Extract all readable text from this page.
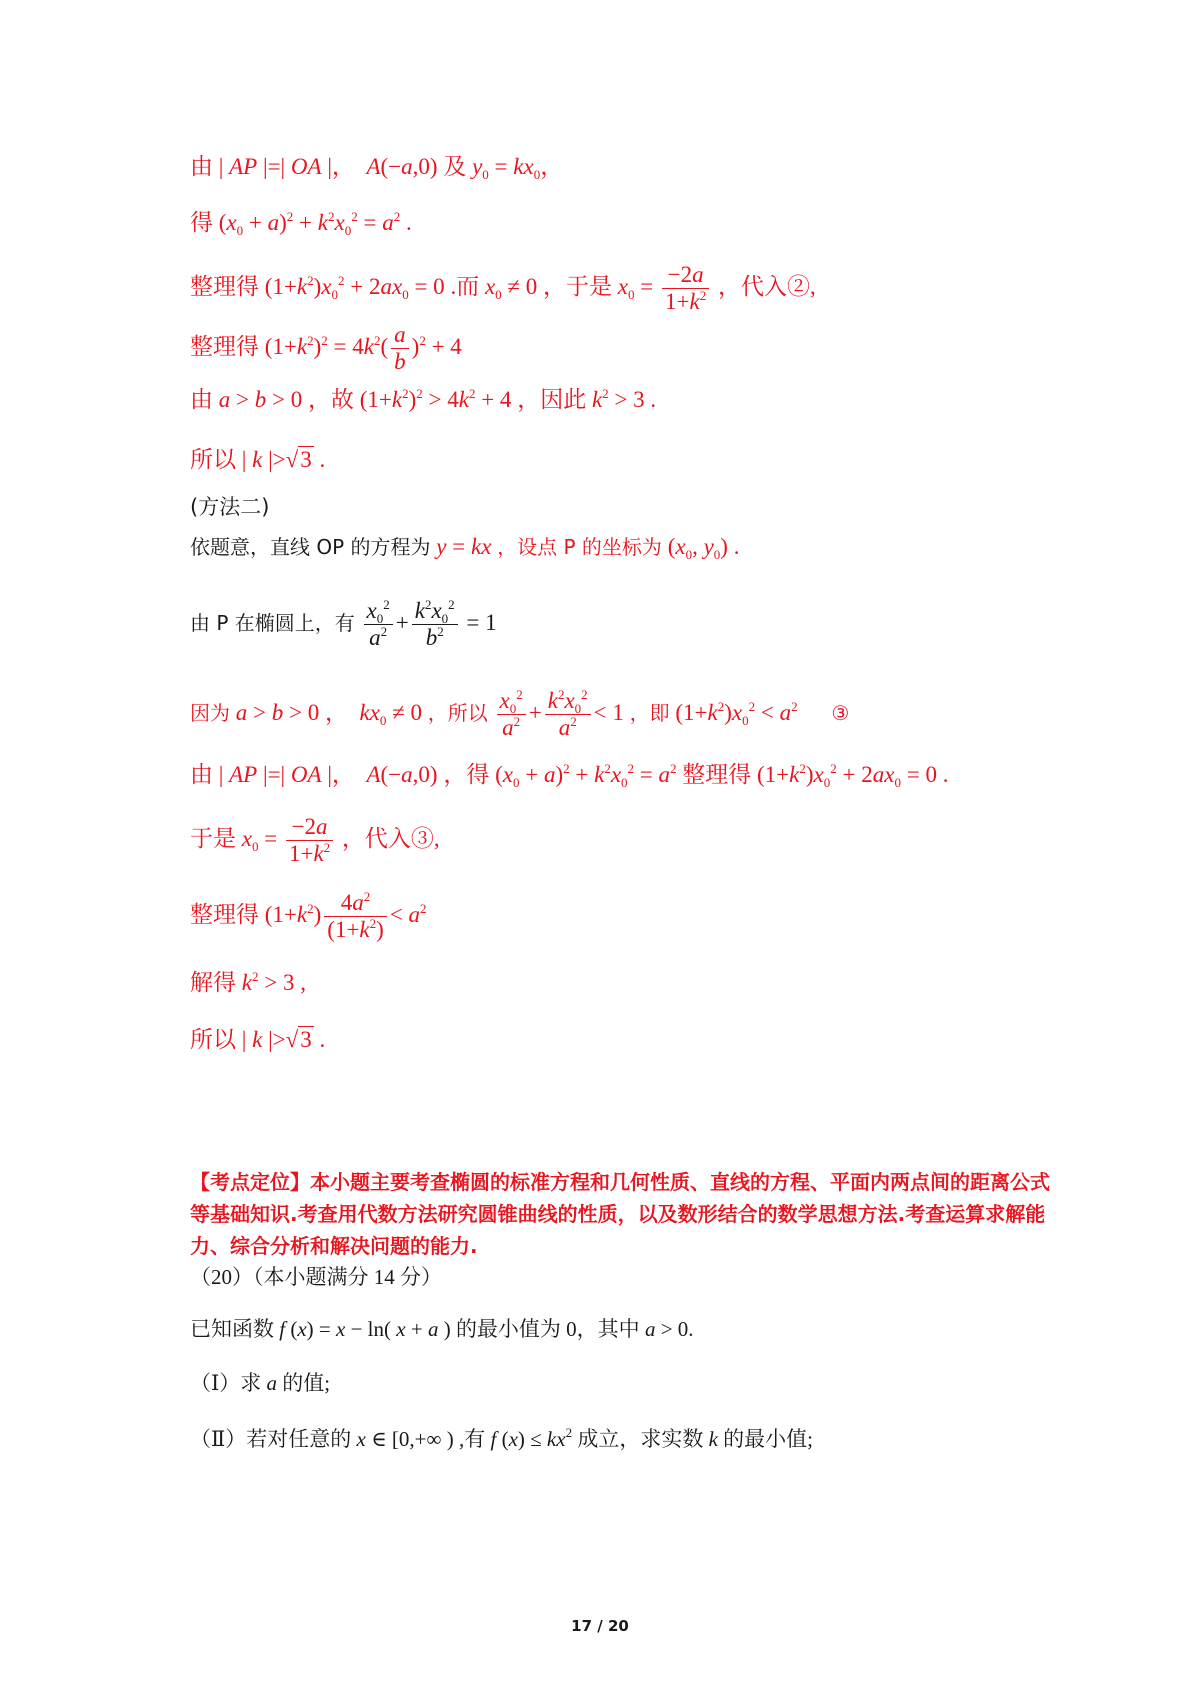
由 | AP |=| OA |，  A(−a,0) 及 $y_0 = kx_0$，
得 $(x_0 + a)^2 + k^2x_0^2 = a^2$ .
整理得 $(1+k^2)x_0^2 + 2ax_0 = 0$ .而 $x_0 \ne 0$ ，于是 $x_0 = \frac{-2a}{1+k^2}$ ，代入②,
整理得 $(1+k^2)^2 = 4k^2( \frac{a}{b} )^2 + 4$
由 a > b > 0 ，故 $(1+k^2)^2 > 4k^2 + 4$ ，因此 $k^2 > 3$ .
所以 | k |>√3 .
(方法二)
依题意，直线 OP 的方程为 y = kx ，设点 P 的坐标为 ($x_0$, $y_0$) .
由 P 在椭圆上，有 $\frac{x_0^2}{a^2} + \frac{k^2x_0^2}{b^2} = 1$
因为 a > b > 0 ，  $kx_0 \ne 0$ ，所以 $\frac{x_0^2}{a^2} + \frac{k^2x_0^2}{a^2} < 1$ ，即 $(1+k^2)x_0^2 < a^2$ ③
由 | AP |=| OA |，  A(−a,0) ，得 $(x_0 + a)^2 + k^2x_0^2 = a^2$ 整理得 $(1+k^2)x_0^2 + 2ax_0 = 0$ .
于是 $x_0 = \frac{-2a}{1+k^2}$ ，代入③,
整理得 $(1+k^2) \frac{4a^2}{(1+k^2)} < a^2$
解得 $k^2 > 3$ ,
所以 | k |>√3 .
【考点定位】本小题主要考查椭圆的标准方程和几何性质、直线的方程、平面内两点间的距离公式等基础知识.考查用代数方法研究圆锥曲线的性质，以及数形结合的数学思想方法.考查运算求解能力、综合分析和解决问题的能力.
（20）（本小题满分 14 分）
已知函数 f (x) = x − ln( x + a ) 的最小值为 0，其中 a > 0.
（Ⅰ）求 a 的值;
（Ⅱ）若对任意的 x ∈ [0,+∞ ) ,有 f $(x) \le kx^2$ 成立，求实数 k 的最小值;
17 / 20
